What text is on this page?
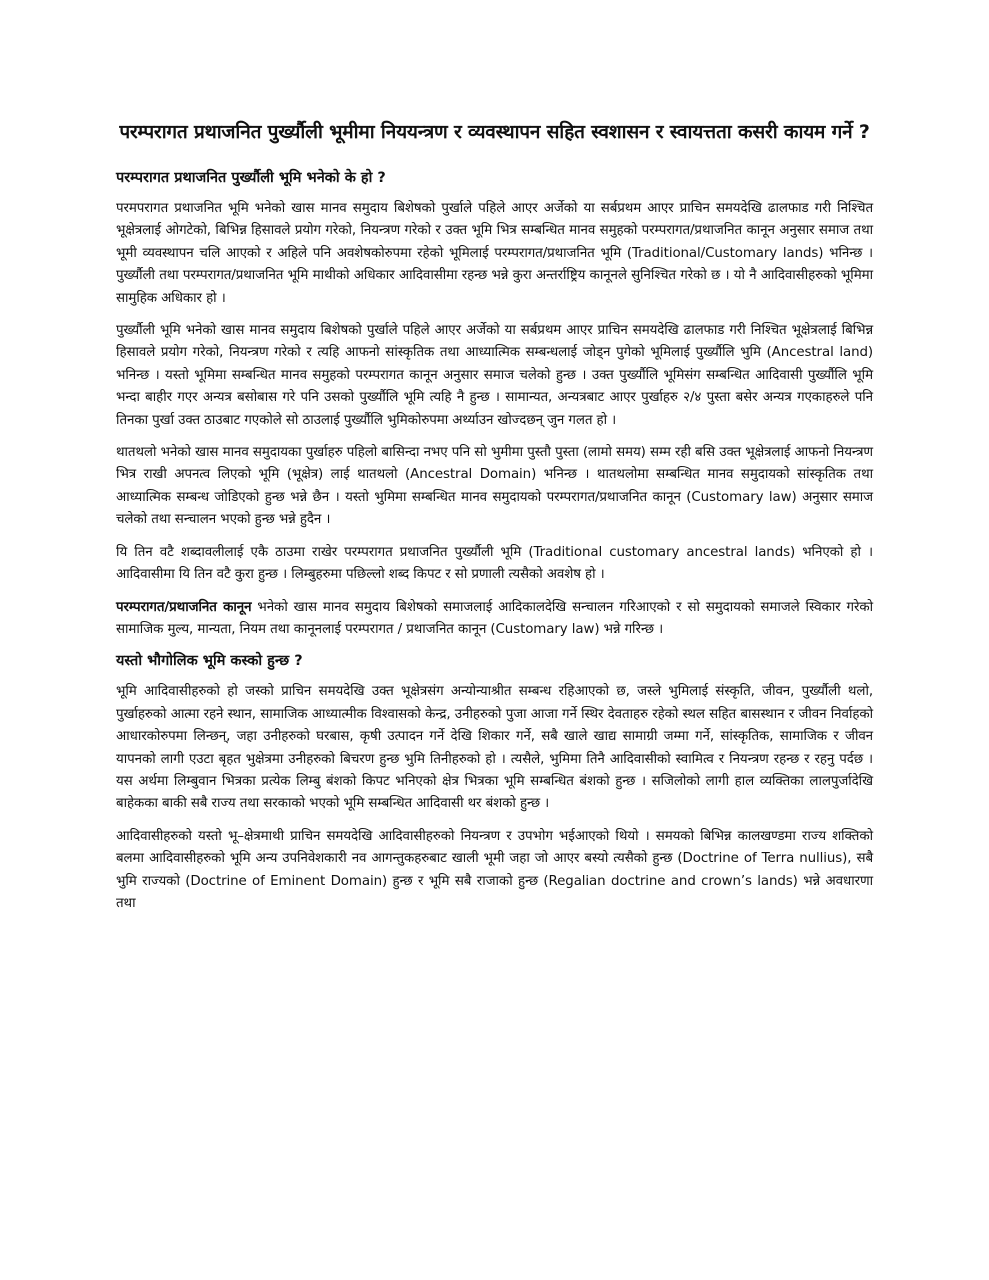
परम्परागत प्रथाजनित पुर्ख्यौली भूमीमा निययन्त्रण र व्यवस्थापन सहित स्वशासन र स्वायत्तता कसरी कायम गर्ने ?
परम्परागत प्रथाजनित पुर्ख्यौली भूमि भनेको के हो ?

परमपरागत प्रथाजनित भूमि भनेको खास मानव समुदाय बिशेषको पुर्खाले पहिले आएर अर्जेको या सर्बप्रथम आएर प्राचिन समयदेखि ढालफाड गरी निश्चित भूक्षेत्रलाई ओगटेको, बिभिन्न हिसावले प्रयोग गरेको, नियन्त्रण गरेको र उक्त भूमि भित्र सम्बन्धित मानव समुहको परम्परागत/प्रथाजनित कानून अनुसार समाज तथा भूमी व्यवस्थापन चलि आएको र अहिले पनि अवशेषकोरुपमा रहेको भूमिलाई परम्परागत/प्रथाजनित भूमि (Traditional/Customary lands) भनिन्छ । पुर्ख्यौली तथा परम्परागत/प्रथाजनित भूमि माथीको अधिकार आदिवासीमा रहन्छ भन्ने कुरा अन्तर्राष्ट्रिय कानूनले सुनिश्चित गरेको छ । यो नै आदिवासीहरुको भूमिमा सामुहिक अधिकार हो ।

पुर्ख्यौली भूमि भनेको खास मानव समुदाय बिशेषको पुर्खाले पहिले आएर अर्जेको या सर्बप्रथम आएर प्राचिन समयदेखि ढालफाड गरी निश्चित भूक्षेत्रलाई बिभिन्न हिसावले प्रयोग गरेको, नियन्त्रण गरेको र त्यहि आफनो सांस्कृतिक तथा आध्यात्मिक सम्बन्धलाई जोड्न पुगेको भूमिलाई पुर्ख्यौलि भुमि (Ancestral land) भनिन्छ । यस्तो भूमिमा सम्बन्धित मानव समुहको परम्परागत कानून अनुसार समाज चलेको हुन्छ । उक्त पुर्ख्यौलि भूमिसंग सम्बन्धित आदिवासी पुर्ख्यौलि भूमि भन्दा बाहीर गएर अन्यत्र बसोबास गरे पनि उसको पुर्ख्यौलि भूमि त्यहि नै हुन्छ । सामान्यत, अन्यत्रबाट आएर पुर्खाहरु २/४ पुस्ता बसेर अन्यत्र गएकाहरुले पनि तिनका पुर्खा उक्त ठाउबाट गएकोले सो ठाउलाई पुर्ख्यौलि भुमिकोरुपमा अर्थ्याउन खोज्दछन् जुन गलत हो ।

थातथलो भनेको खास मानव समुदायका पुर्खाहरु पहिलो बासिन्दा नभए पनि सो भुमीमा पुस्तौ पुस्ता (लामो समय) सम्म रही बसि उक्त भूक्षेत्रलाई आफनो नियन्त्रण भित्र राखी अपनत्व लिएको भूमि (भूक्षेत्र) लाई थातथलो (Ancestral Domain) भनिन्छ । थातथलोमा सम्बन्धित मानव समुदायको सांस्कृतिक तथा आध्यात्मिक सम्बन्ध जोडिएको हुन्छ भन्ने छैन । यस्तो भुमिमा सम्बन्धित मानव समुदायको परम्परागत/प्रथाजनित कानून (Customary law) अनुसार समाज चलेको तथा सन्चालन भएको हुन्छ भन्ने हुदैन ।

यि तिन वटै शब्दावलीलाई एकै ठाउमा राखेर परम्परागत प्रथाजनित पुर्ख्यौली भूमि (Traditional customary ancestral lands) भनिएको हो । आदिवासीमा यि तिन वटै कुरा हुन्छ । लिम्बुहरुमा पछिल्लो शब्द किपट र सो प्रणाली त्यसैको अवशेष हो ।

परम्परागत/प्रथाजनित कानून भनेको खास मानव समुदाय बिशेषको समाजलाई आदिकालदेखि सन्चालन गरिआएको र सो समुदायको समाजले स्विकार गरेको सामाजिक मुल्य, मान्यता, नियम तथा कानूनलाई परम्परागत / प्रथाजनित कानून (Customary law) भन्ने गरिन्छ ।

यस्तो भौगोलिक भूमि कस्को हुन्छ ?

भूमि आदिवासीहरुको हो जस्को प्राचिन समयदेखि उक्त भूक्षेत्रसंग अन्योन्याश्रीत सम्बन्ध रहिआएको छ, जस्ले भुमिलाई संस्कृति, जीवन, पुर्ख्यौली थलो, पुर्खाहरुको आत्मा रहने स्थान, सामाजिक आध्यात्मीक विश्वासको केन्द्र, उनीहरुको पुजा आजा गर्ने स्थिर देवताहरु रहेको स्थल सहित बासस्थान र जीवन निर्वाहको आधारकोरुपमा लिन्छन्, जहा उनीहरुको घरबास, कृषी उत्पादन गर्ने देखि शिकार गर्ने, सबै खाले खाद्य सामाग्री जम्मा गर्ने, सांस्कृतिक, सामाजिक र जीवन यापनको लागी एउटा बृहत भुक्षेत्रमा उनीहरुको बिचरण हुन्छ भुमि तिनीहरुको हो । त्यसैले, भुमिमा तिनै आदिवासीको स्वामित्व र नियन्त्रण रहन्छ र रहनु पर्दछ । यस अर्थमा लिम्बुवान भित्रका प्रत्येक लिम्बु बंशको किपट भनिएको क्षेत्र भित्रका भूमि सम्बन्धित बंशको हुन्छ । सजिलोको लागी हाल व्यक्तिका लालपुर्जादेखि बाहेकका बाकी सबै राज्य तथा सरकाको भएको भूमि सम्बन्धित आदिवासी थर बंशको हुन्छ ।

आदिवासीहरुको यस्तो भू–क्षेत्रमाथी प्राचिन समयदेखि आदिवासीहरुको नियन्त्रण र उपभोग भईआएको थियो । समयको बिभिन्न कालखण्डमा राज्य शक्तिको बलमा आदिवासीहरुको भूमि अन्य उपनिवेशकारी नव आगन्तुकहरुबाट खाली भूमी जहा जो आएर बस्यो त्यसैको हुन्छ (Doctrine of Terra nullius), सबै भुमि राज्यको (Doctrine of Eminent Domain) हुन्छ र भूमि सबै राजाको हुन्छ (Regalian doctrine and crown’s lands) भन्ने अवधारणा तथा
